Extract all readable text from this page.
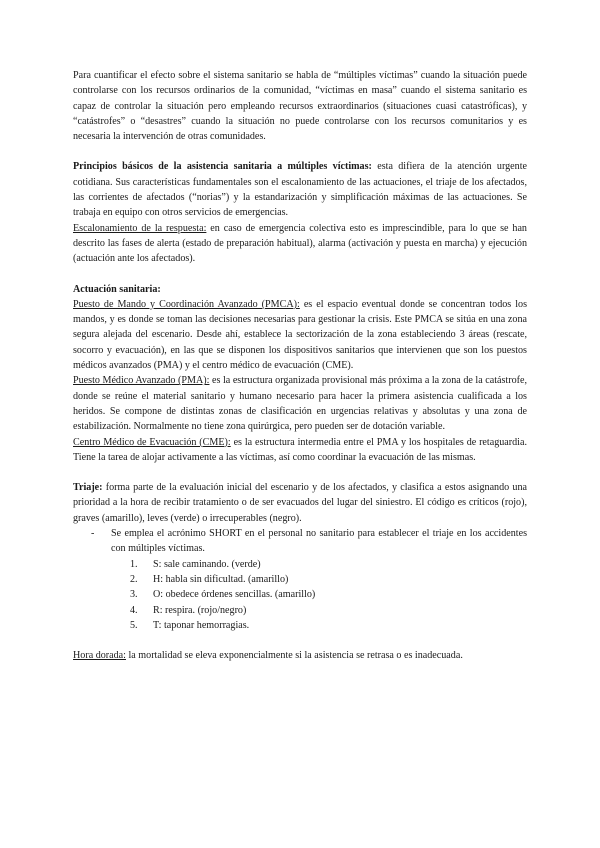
Para cuantificar el efecto sobre el sistema sanitario se habla de “múltiples víctimas” cuando la situación puede controlarse con los recursos ordinarios de la comunidad, “víctimas en masa” cuando el sistema sanitario es capaz de controlar la situación pero empleando recursos extraordinarios (situaciones cuasi catastróficas), y “catástrofes” o “desastres” cuando la situación no puede controlarse con los recursos comunitarios y es necesaria la intervención de otras comunidades.

Principios básicos de la asistencia sanitaria a múltiples víctimas: esta difiera de la atención urgente cotidiana. Sus características fundamentales son el escalonamiento de las actuaciones, el triaje de los afectados, las corrientes de afectados (“norias”) y la estandarización y simplificación máximas de las actuaciones. Se trabaja en equipo con otros servicios de emergencias.

Escalonamiento de la respuesta: en caso de emergencia colectiva esto es imprescindible, para lo que se han descrito las fases de alerta (estado de preparación habitual), alarma (activación y puesta en marcha) y ejecución (actuación ante los afectados).

Actuación sanitaria:

Puesto de Mando y Coordinación Avanzado (PMCA): es el espacio eventual donde se concentran todos los mandos, y es donde se toman las decisiones necesarias para gestionar la crisis. Este PMCA se sitúa en una zona segura alejada del escenario. Desde ahí, establece la sectorización de la zona estableciendo 3 áreas (rescate, socorro y evacuación), en las que se disponen los dispositivos sanitarios que intervienen que son los puestos médicos avanzados (PMA) y el centro médico de evacuación (CME).

Puesto Médico Avanzado (PMA): es la estructura organizada provisional más próxima a la zona de la catástrofe, donde se reúne el material sanitario y humano necesario para hacer la primera asistencia cualificada a los heridos. Se compone de distintas zonas de clasificación en urgencias relativas y absolutas y una zona de estabilización. Normalmente no tiene zona quirúrgica, pero pueden ser de dotación variable.

Centro Médico de Evacuación (CME): es la estructura intermedia entre el PMA y los hospitales de retaguardia. Tiene la tarea de alojar activamente a las víctimas, así como coordinar la evacuación de las mismas.

Triaje: forma parte de la evaluación inicial del escenario y de los afectados, y clasifica a estos asignando una prioridad a la hora de recibir tratamiento o de ser evacuados del lugar del siniestro. El código es críticos (rojo), graves (amarillo), leves (verde) o irrecuperables (negro).

- Se emplea el acrónimo SHORT en el personal no sanitario para establecer el triaje en los accidentes con múltiples víctimas.
1. S: sale caminando. (verde)
2. H: habla sin dificultad. (amarillo)
3. O: obedece órdenes sencillas. (amarillo)
4. R: respira. (rojo/negro)
5. T: taponar hemorragias.

Hora dorada: la mortalidad se eleva exponencialmente si la asistencia se retrasa o es inadecuada.
